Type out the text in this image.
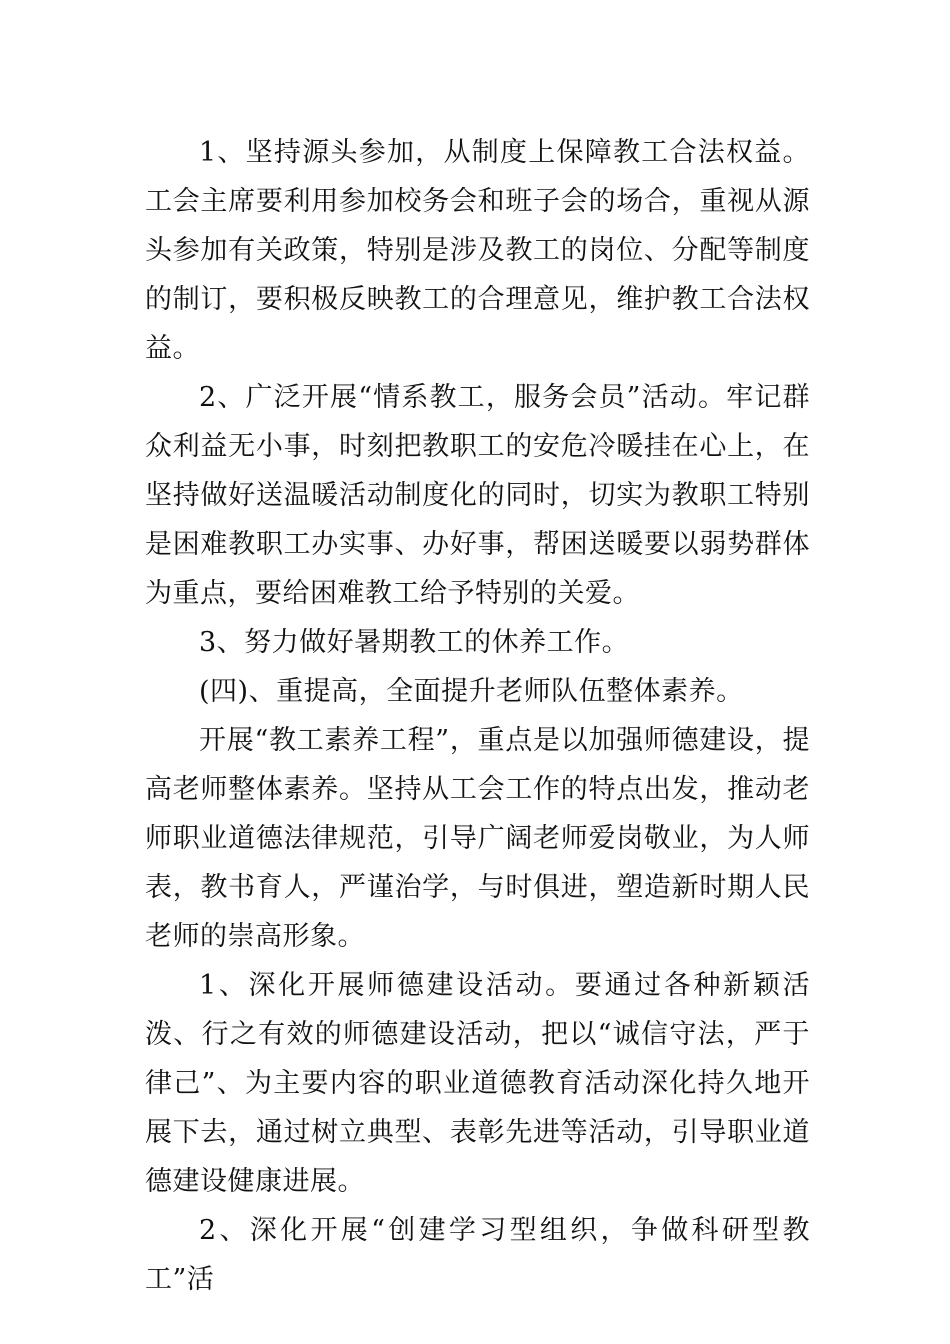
1、坚持源头参加，从制度上保障教工合法权益。工会主席要利用参加校务会和班子会的场合，重视从源头参加有关政策，特别是涉及教工的岗位、分配等制度的制订，要积极反映教工的合理意见，维护教工合法权益。

2、广泛开展“情系教工，服务会员”活动。牢记群众利益无小事，时刻把教职工的安危冷暖挂在心上，在坚持做好送温暖活动制度化的同时，切实为教职工特别是困难教职工办实事、办好事，帮困送暖要以弱势群体为重点，要给困难教工给予特别的关爱。

3、努力做好暑期教工的休养工作。

(四)、重提高，全面提升老师队伍整体素养。

开展“教工素养工程”，重点是以加强师德建设，提高老师整体素养。坚持从工会工作的特点出发，推动老师职业道德法律规范，引导广阔老师爱岗敬业，为人师表，教书育人，严谨治学，与时俱进，塑造新时期人民老师的崇高形象。

1、深化开展师德建设活动。要通过各种新颖活泼、行之有效的师德建设活动，把以“诚信守法，严于律己”、为主要内容的职业道德教育活动深化持久地开展下去，通过树立典型、表彰先进等活动，引导职业道德建设健康进展。

2、深化开展“创建学习型组织，争做科研型教工”活
